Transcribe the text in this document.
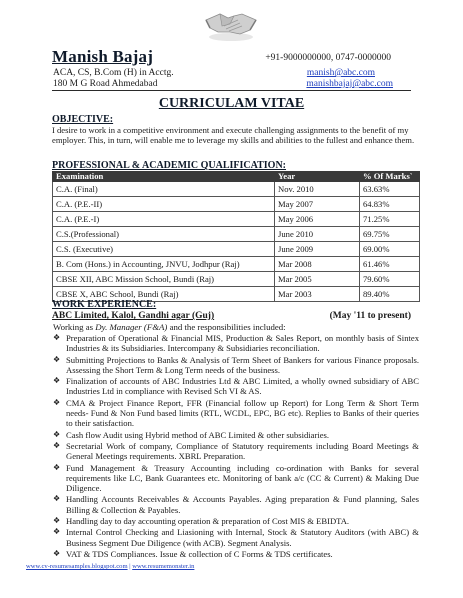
Manish Bajaj	+91-9000000000, 0747-0000000
ACA, CS, B.Com (H) in Acctg.	manish@abc.com
180 M G Road Ahmedabad	manishbajaj@abc.com
CURRICULAM VITAE
OBJECTIVE:
I desire to work in a competitive environment and execute challenging assignments to the benefit of my employer. This, in turn, will enable me to leverage my skills and abilities to the fullest and enhance them.
PROFESSIONAL & ACADEMIC QUALIFICATION:
Examination	Year	% Of Marks`
C.A. (Final)	Nov. 2010	63.63%
C.A. (P.E.-II)	May 2007	64.83%
C.A. (P.E.-I)	May 2006	71.25%
C.S.(Professional)	June 2010	69.75%
C.S. (Executive)	June 2009	69.00%
B. Com (Hons.) in Accounting, JNVU, Jodhpur (Raj)	Mar 2008	61.46%
CBSE XII, ABC Mission School, Bundi (Raj)	Mar 2005	79.60%
CBSE X, ABC School, Bundi (Raj)	Mar 2003	89.40%
WORK EXPERIENCE:
ABC Limited, Kalol, Gandhi agar (Guj)	(May '11 to present)
Working as Dy. Manager (F&A) and the responsibilities included:
❖ Preparation of Operational & Financial MIS, Production & Sales Report, on monthly basis of Sintex Industries & its Subsidiaries. Intercompany & Subsidiaries reconciliation.
❖ Submitting Projections to Banks & Analysis of Term Sheet of Bankers for various Finance proposals. Assessing the Short Term & Long Term needs of the business.
❖ Finalization of accounts of ABC Industries Ltd & ABC Limited, a wholly owned subsidiary of ABC Industries Ltd in compliance with Revised Sch VI & AS.
❖ CMA & Project Finance Report, FFR (Financial follow up Report) for Long Term & Short Term needs- Fund & Non Fund based limits (RTL, WCDL, EPC, BG etc). Replies to Banks of their queries to their satisfaction.
❖ Cash flow Audit using Hybrid method of ABC Limited & other subsidiaries.
❖ Secretarial Work of company, Compliance of Statutory requirements including Board Meetings & General Meetings requirements. XBRL Preparation.
❖ Fund Management & Treasury Accounting including co-ordination with Banks for several requirements like LC, Bank Guarantees etc. Monitoring of bank a/c (CC & Current) & Making Due Diligence.
❖ Handling Accounts Receivables & Accounts Payables. Aging preparation & Fund planning, Sales Billing & Collection & Payables.
❖ Handling day to day accounting operation & preparation of Cost MIS & EBIDTA.
❖ Internal Control Checking and Liasioning with Internal, Stock & Statutory Auditors (with ABC) & Business Segment Due Diligence (with ACB). Segment Analysis.
❖ VAT & TDS Compliances. Issue & collection of C Forms & TDS certificates.
www.cv-resumesamples.blogspot.com | www.resumemonster.in
